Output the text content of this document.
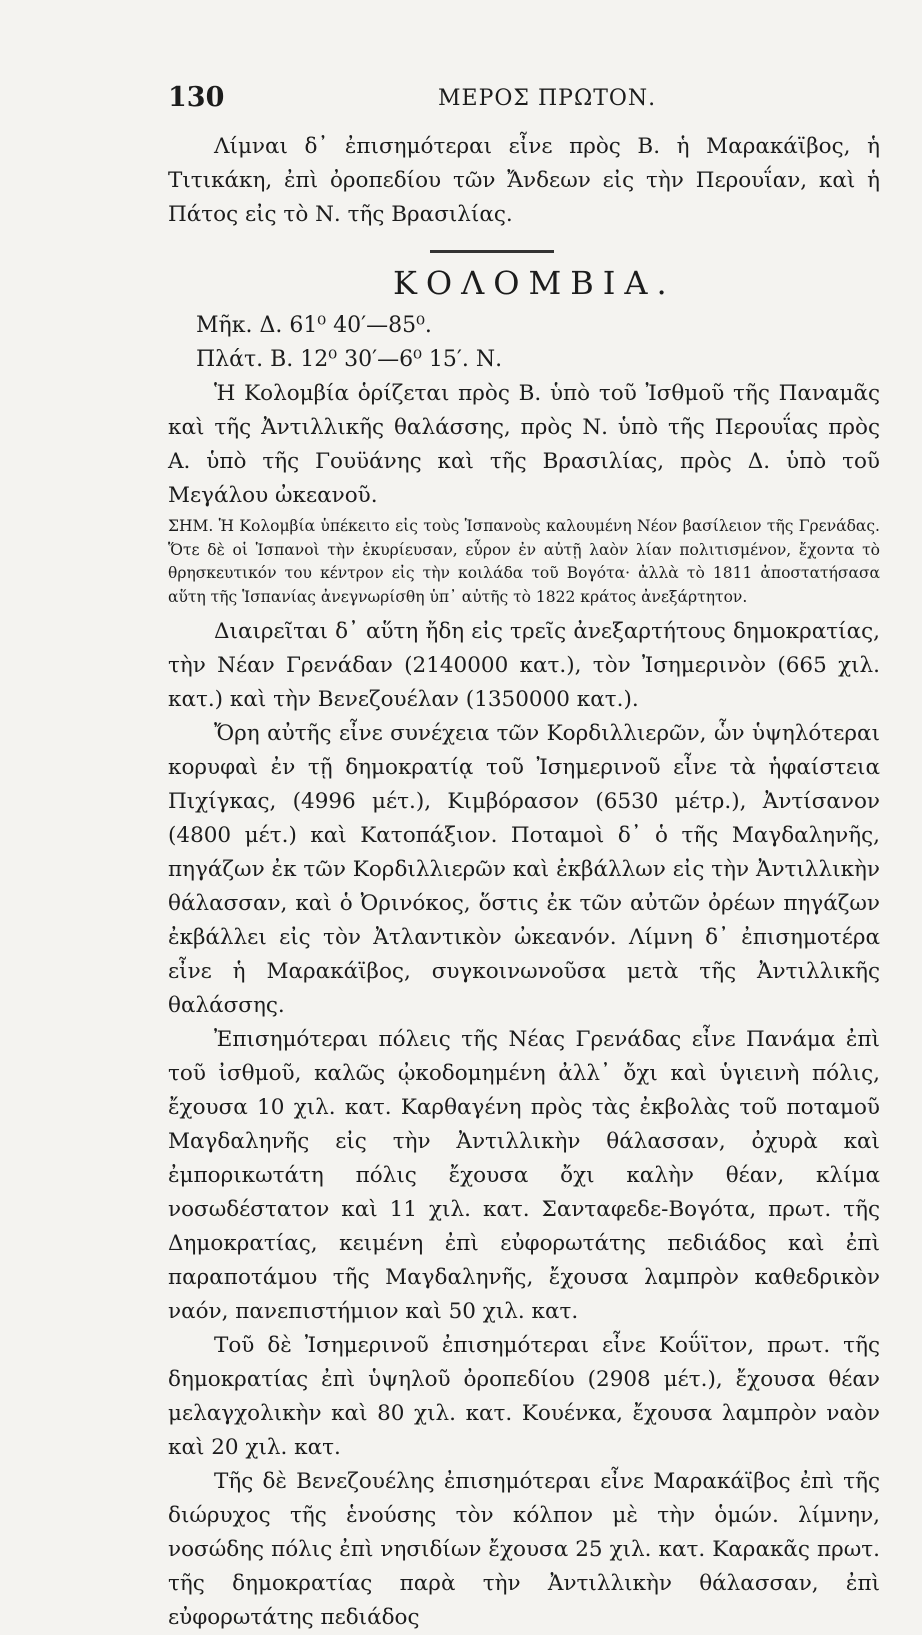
130	ΜΕΡΟΣ ΠΡΩΤΟΝ.

Λίμναι δ᾿ ἐπισημότεραι εἶνε πρὸς Β. ἡ Μαρακάϊβος, ἡ Τιτικάκη, ἐπὶ ὀροπεδίου τῶν Ἄνδεων εἰς τὴν Περουΐαν, καὶ ἡ Πάτος εἰς τὸ Ν. τῆς Βρασιλίας.

ΚΟΛΟΜΒΙΑ.
Μῆκ. Δ. 61⁰ 40′—85⁰.
Πλάτ. Β. 12⁰ 30′—6⁰ 15′. Ν.

Ἡ Κολομβία ὁρίζεται πρὸς Β. ὑπὸ τοῦ Ἰσθμοῦ τῆς Παναμᾶς καὶ τῆς Ἀντιλλικῆς θαλάσσης, πρὸς Ν. ὑπὸ τῆς Περουΐας πρὸς Α. ὑπὸ τῆς Γουϋάνης καὶ τῆς Βρασιλίας, πρὸς Δ. ὑπὸ τοῦ Μεγάλου ὠκεανοῦ.

ΣΗΜ. Ἡ Κολομβία ὑπέκειτο εἰς τοὺς Ἱσπανοὺς καλουμένη Νέον βασίλειον τῆς Γρενάδας. Ὅτε δὲ οἱ Ἱσπανοὶ τὴν ἐκυρίευσαν, εὗρον ἐν αὐτῇ λαὸν λίαν πολιτισμένον, ἔχοντα τὸ θρησκευτικόν του κέντρον εἰς τὴν κοιλάδα τοῦ Βογότα· ἀλλὰ τὸ 1811 ἀποστατήσασα αὕτη τῆς Ἱσπανίας ἀνεγνωρίσθη ὑπ᾿ αὐτῆς τὸ 1822 κράτος ἀνεξάρτητον.

Διαιρεῖται δ᾿ αὕτη ἤδη εἰς τρεῖς ἀνεξαρτήτους δημοκρατίας, τὴν Νέαν Γρενάδαν (2140000 κατ.), τὸν Ἰσημερινὸν (665 χιλ. κατ.) καὶ τὴν Βενεζουέλαν (1350000 κατ.).

Ὄρη αὐτῆς εἶνε συνέχεια τῶν Κορδιλλιερῶν, ὧν ὑψηλότεραι κορυφαὶ ἐν τῇ δημοκρατίᾳ τοῦ Ἰσημερινοῦ εἶνε τὰ ἡφαίστεια Πιχίγκας, (4996 μέτ.), Κιμβόρασον (6530 μέτρ.), Ἀντίσανον (4800 μέτ.) καὶ Κατοπάξιον. Ποταμοὶ δ᾿ ὁ τῆς Μαγδαληνῆς, πηγάζων ἐκ τῶν Κορδιλλιερῶν καὶ ἐκβάλλων εἰς τὴν Ἀντιλλικὴν θάλασσαν, καὶ ὁ Ὀρινόκος, ὅστις ἐκ τῶν αὐτῶν ὀρέων πηγάζων ἐκβάλλει εἰς τὸν Ἀτλαντικὸν ὠκεανόν. Λίμνη δ᾿ ἐπισημοτέρα εἶνε ἡ Μαρακάϊβος, συγκοινωνοῦσα μετὰ τῆς Ἀντιλλικῆς θαλάσσης.

Ἐπισημότεραι πόλεις τῆς Νέας Γρενάδας εἶνε Πανάμα ἐπὶ τοῦ ἰσθμοῦ, καλῶς ᾠκοδομημένη ἀλλ᾿ ὄχι καὶ ὑγιεινὴ πόλις, ἔχουσα 10 χιλ. κατ. Καρθαγένη πρὸς τὰς ἐκβολὰς τοῦ ποταμοῦ Μαγδαληνῆς εἰς τὴν Ἀντιλλικὴν θάλασσαν, ὀχυρὰ καὶ ἐμπορικωτάτη πόλις ἔχουσα ὄχι καλὴν θέαν, κλίμα νοσωδέστατον καὶ 11 χιλ. κατ. Σανταφεδε-Βογότα, πρωτ. τῆς Δημοκρατίας, κειμένη ἐπὶ εὐφορωτάτης πεδιάδος καὶ ἐπὶ παραποτάμου τῆς Μαγδαληνῆς, ἔχουσα λαμπρὸν καθεδρικὸν ναόν, πανεπιστήμιον καὶ 50 χιλ. κατ.

Τοῦ δὲ Ἰσημερινοῦ ἐπισημότεραι εἶνε Κοΰϊτον, πρωτ. τῆς δημοκρατίας ἐπὶ ὑψηλοῦ ὀροπεδίου (2908 μέτ.), ἔχουσα θέαν μελαγχολικὴν καὶ 80 χιλ. κατ. Κουένκα, ἔχουσα λαμπρὸν ναὸν καὶ 20 χιλ. κατ.

Τῆς δὲ Βενεζουέλης ἐπισημότεραι εἶνε Μαρακάϊβος ἐπὶ τῆς διώρυχος τῆς ἑνούσης τὸν κόλπον μὲ τὴν ὁμών. λίμνην, νοσώδης πόλις ἐπὶ νησιδίων ἔχουσα 25 χιλ. κατ. Καρακᾶς πρωτ. τῆς δημοκρατίας παρὰ τὴν Ἀντιλλικὴν θάλασσαν, ἐπὶ εὐφορωτάτης πεδιάδος
